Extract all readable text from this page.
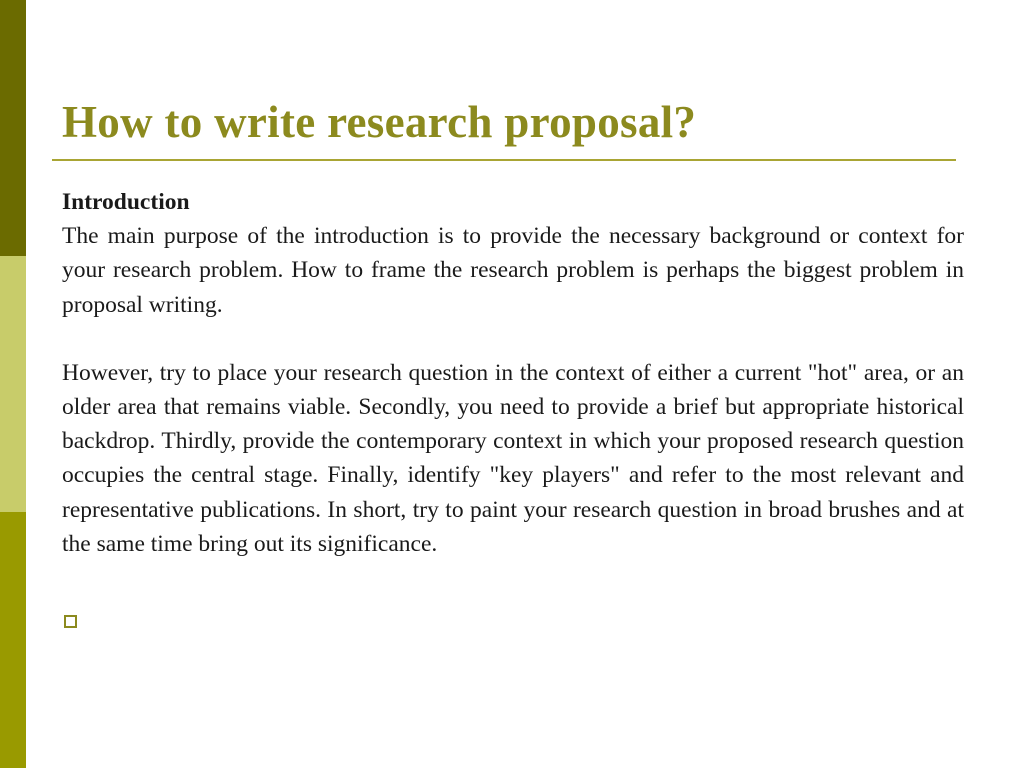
How to write research proposal?

Introduction

The main purpose of the introduction is to provide the necessary background or context for your research problem. How to frame the research problem is perhaps the biggest problem in proposal writing.

However, try to place your research question in the context of either a current "hot" area, or an older area that remains viable. Secondly, you need to provide a brief but appropriate historical backdrop. Thirdly, provide the contemporary context in which your proposed research question occupies the central stage. Finally, identify "key players" and refer to the most relevant and representative publications. In short, try to paint your research question in broad brushes and at the same time bring out its significance.
